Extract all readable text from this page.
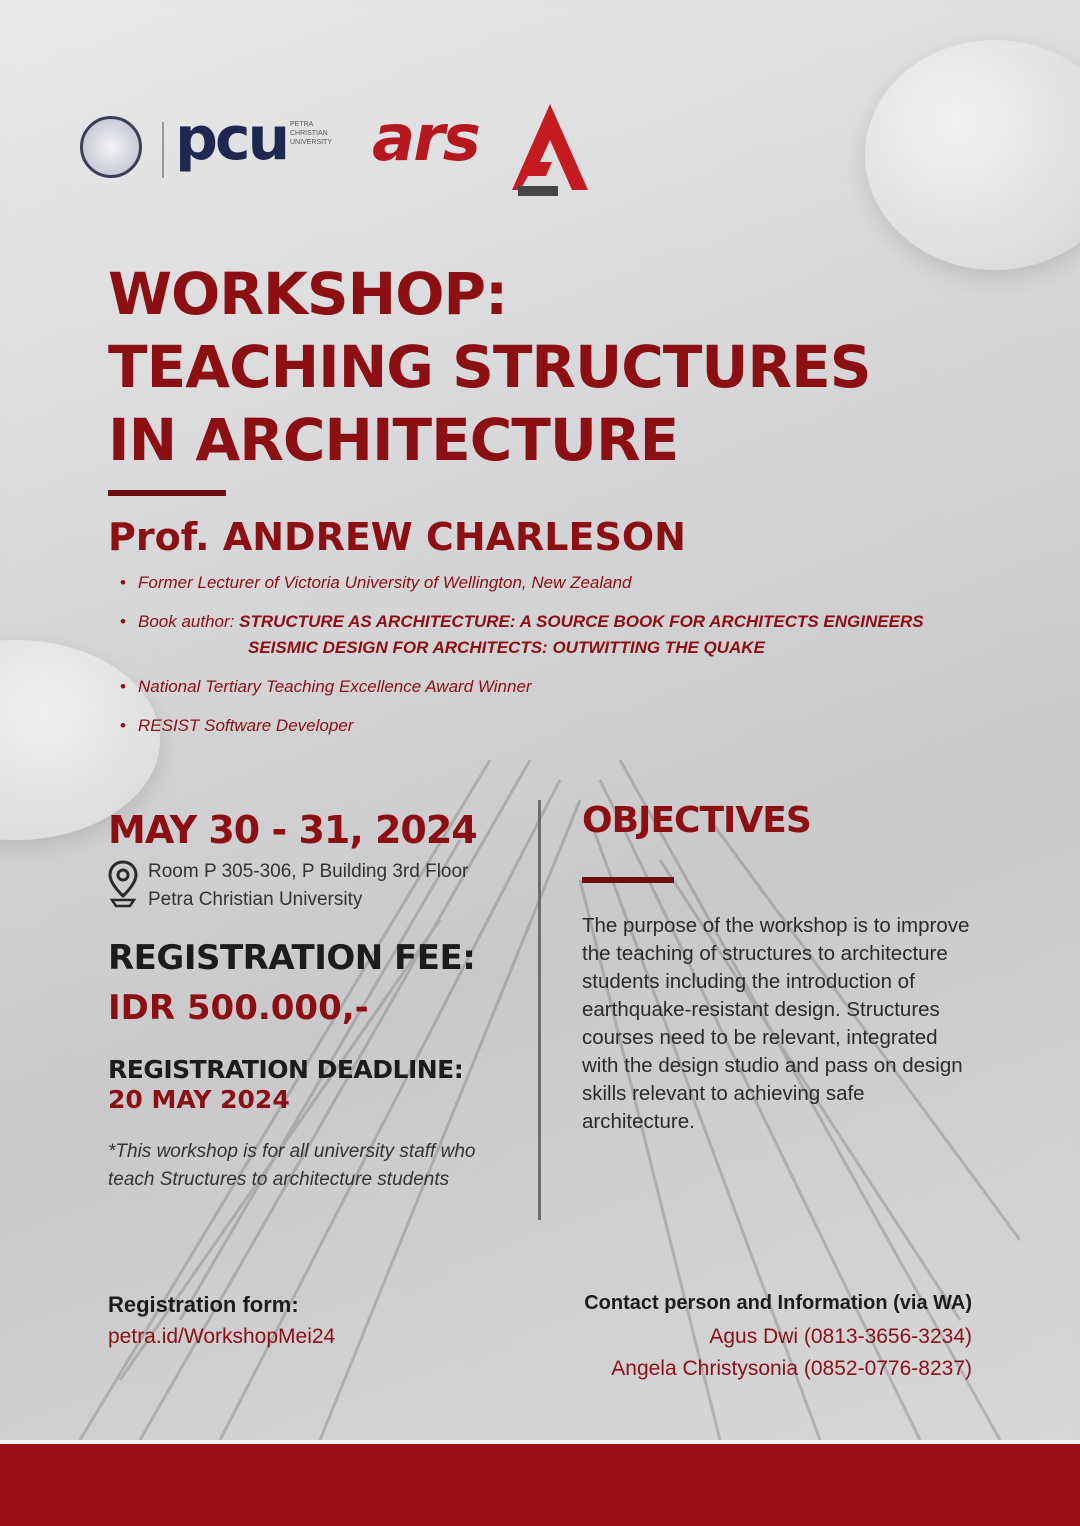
pcu PETRA
CHRISTIAN
UNIVERSITY ars
WORKSHOP:
TEACHING STRUCTURES
IN ARCHITECTURE
Prof. ANDREW CHARLESON
• Former Lecturer of Victoria University of Wellington, New Zealand
• Book author: STRUCTURE AS ARCHITECTURE: A SOURCE BOOK FOR ARCHITECTS ENGINEERS
SEISMIC DESIGN FOR ARCHITECTS: OUTWITTING THE QUAKE
• National Tertiary Teaching Excellence Award Winner
• RESIST Software Developer
MAY 30 - 31, 2024
Room P 305-306, P Building 3rd Floor
Petra Christian University
REGISTRATION FEE:
IDR 500.000,-
REGISTRATION DEADLINE:
20 MAY 2024

*This workshop is for all university staff who teach Structures to architecture students

OBJECTIVES

The purpose of the workshop is to improve the teaching of structures to architecture students including the introduction of earthquake-resistant design. Structures courses need to be relevant, integrated with the design studio and pass on design skills relevant to achieving safe architecture.

Registration form:

petra.id/WorkshopMei24

Contact person and Information (via WA)

Agus Dwi (0813-3656-3234)

Angela Christysonia (0852-0776-8237)
